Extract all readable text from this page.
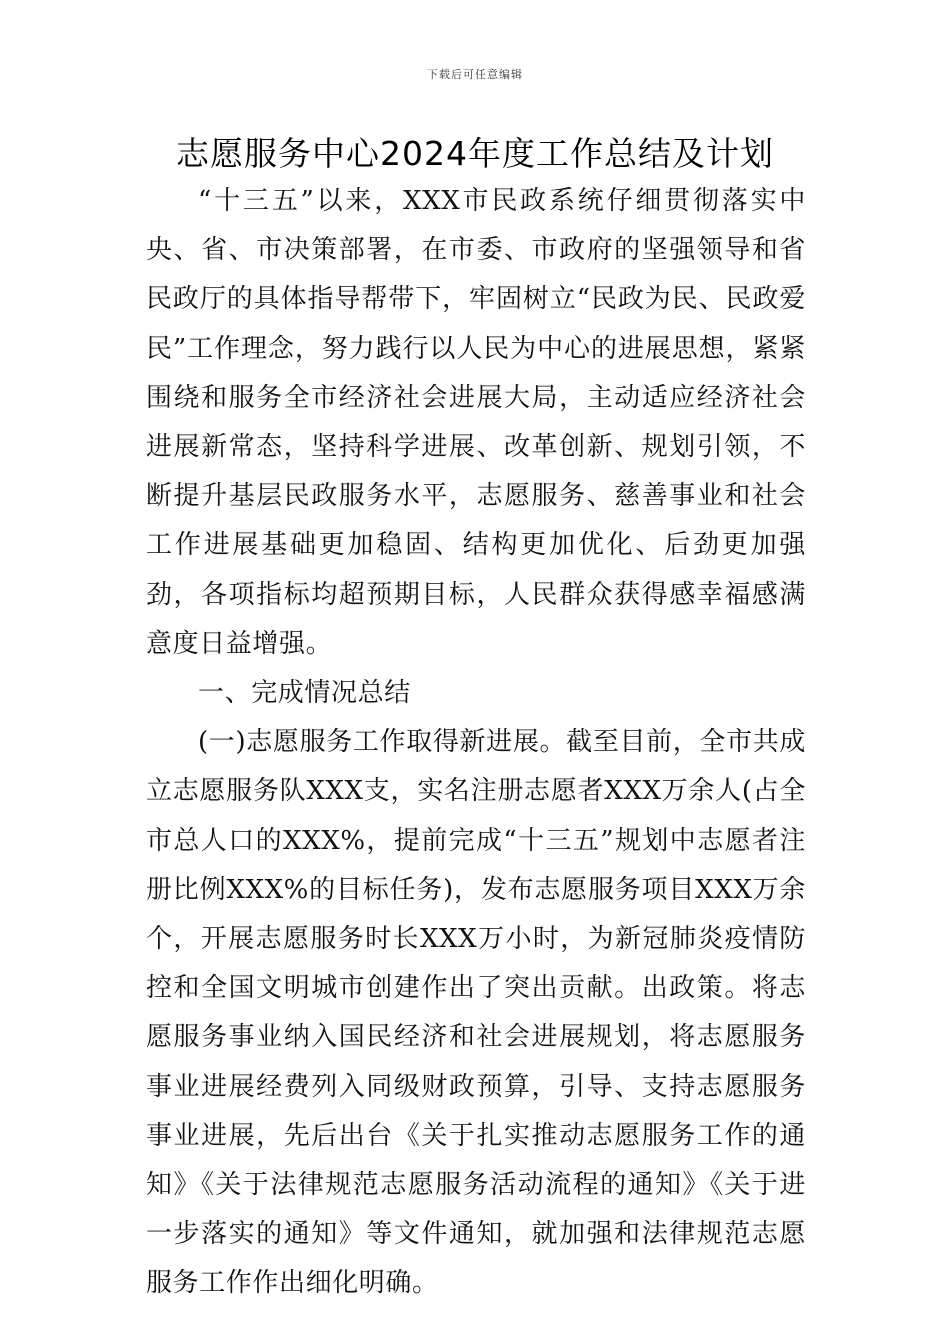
下载后可任意编辑
志愿服务中心2024年度工作总结及计划

“十三五”以来，XXX市民政系统仔细贯彻落实中央、省、市决策部署，在市委、市政府的坚强领导和省民政厅的具体指导帮带下，牢固树立“民政为民、民政爱民”工作理念，努力践行以人民为中心的进展思想，紧紧围绕和服务全市经济社会进展大局，主动适应经济社会进展新常态，坚持科学进展、改革创新、规划引领，不断提升基层民政服务水平，志愿服务、慈善事业和社会工作进展基础更加稳固、结构更加优化、后劲更加强劲，各项指标均超预期目标，人民群众获得感幸福感满意度日益增强。

一、完成情况总结

(一)志愿服务工作取得新进展。截至目前，全市共成立志愿服务队XXX支，实名注册志愿者XXX万余人(占全市总人口的XXX%，提前完成“十三五”规划中志愿者注册比例XXX%的目标任务)，发布志愿服务项目XXX万余个，开展志愿服务时长XXX万小时，为新冠肺炎疫情防控和全国文明城市创建作出了突出贡献。出政策。将志愿服务事业纳入国民经济和社会进展规划，将志愿服务事业进展经费列入同级财政预算，引导、支持志愿服务事业进展，先后出台《关于扎实推动志愿服务工作的通知》《关于法律规范志愿服务活动流程的通知》《关于进一步落实的通知》等文件通知，就加强和法律规范志愿服务工作作出细化明确。
